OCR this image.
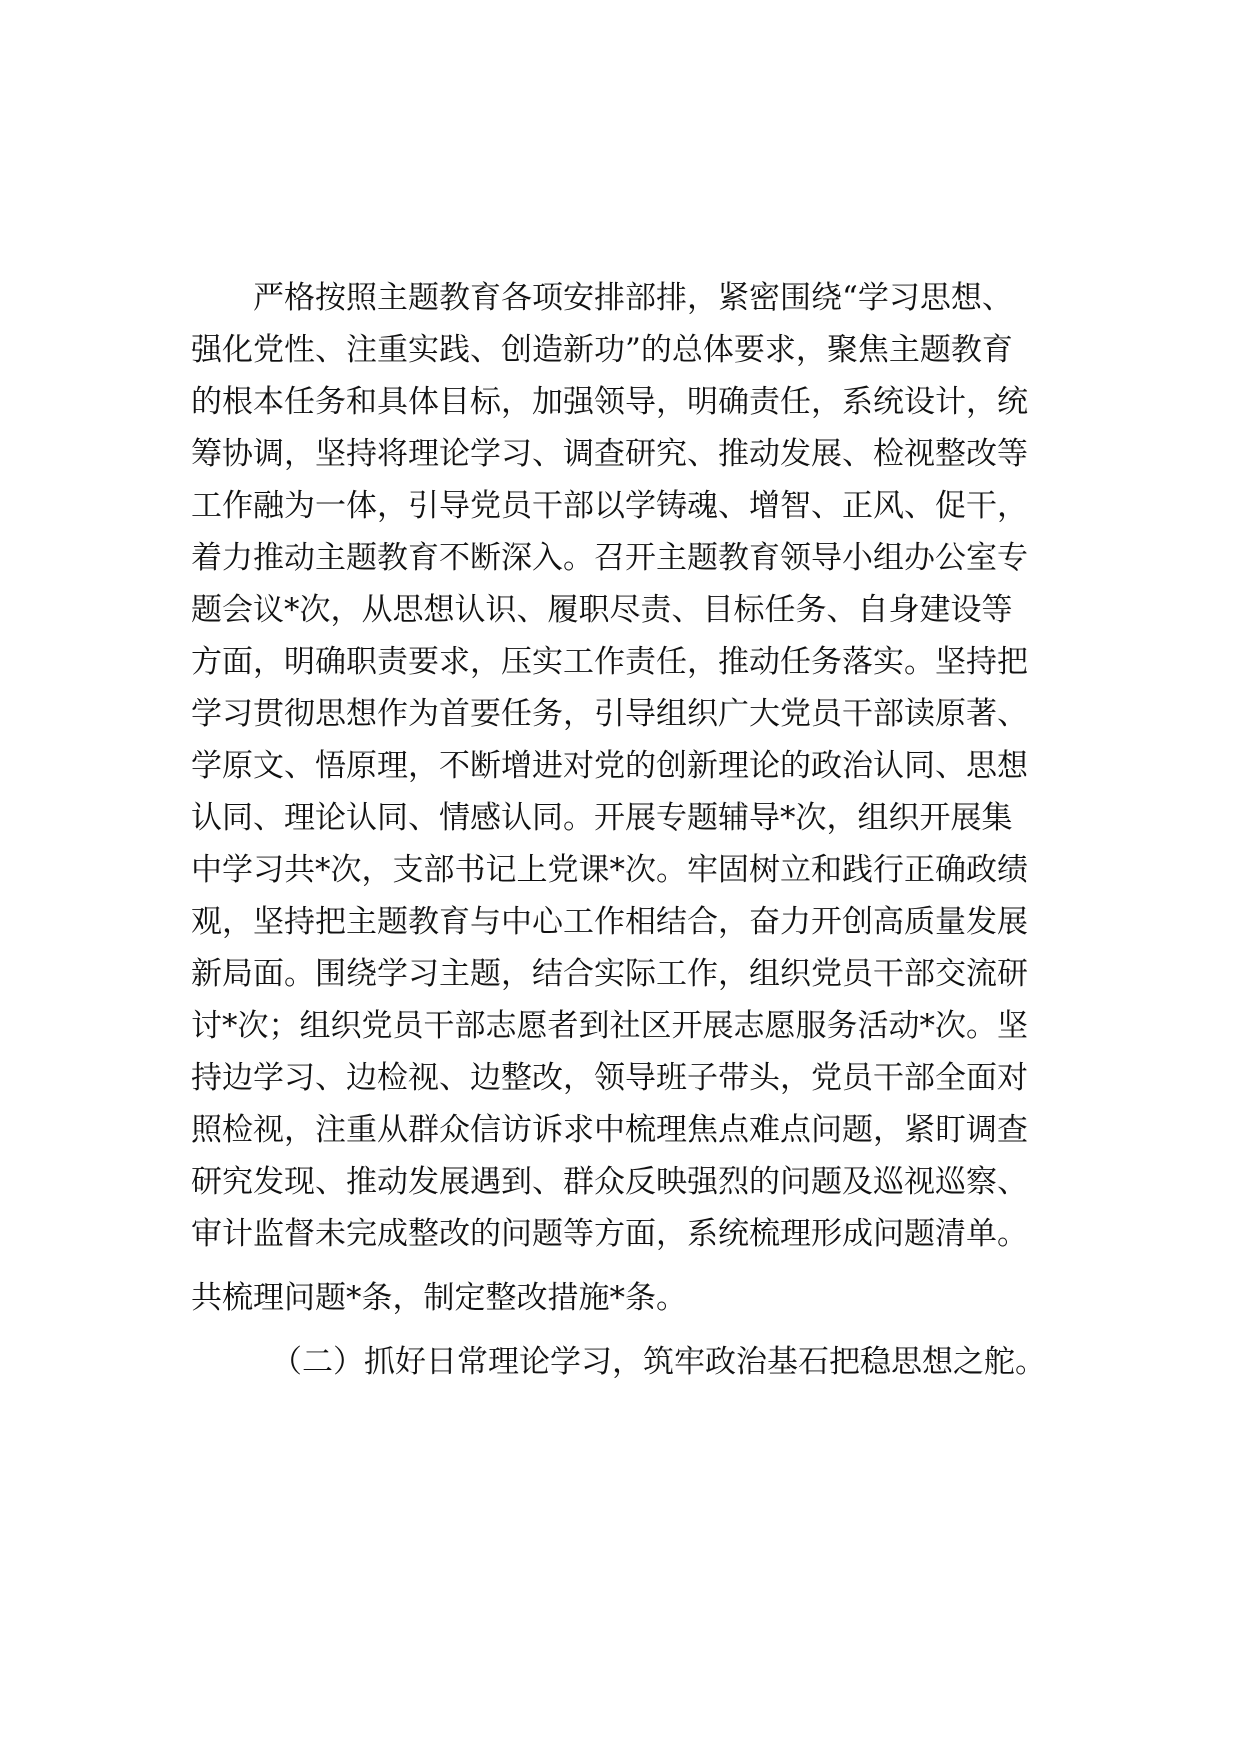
严格按照主题教育各项安排部排，紧密围绕“学习思想、
强化党性、注重实践、创造新功”的总体要求，聚焦主题教育
的根本任务和具体目标，加强领导，明确责任，系统设计，统
筹协调，坚持将理论学习、调查研究、推动发展、检视整改等
工作融为一体，引导党员干部以学铸魂、增智、正风、促干，
着力推动主题教育不断深入。召开主题教育领导小组办公室专
题会议*次，从思想认识、履职尽责、目标任务、自身建设等
方面，明确职责要求，压实工作责任，推动任务落实。坚持把
学习贯彻思想作为首要任务，引导组织广大党员干部读原著、
学原文、悟原理，不断增进对党的创新理论的政治认同、思想
认同、理论认同、情感认同。开展专题辅导*次，组织开展集
中学习共*次，支部书记上党课*次。牢固树立和践行正确政绩
观，坚持把主题教育与中心工作相结合，奋力开创高质量发展
新局面。围绕学习主题，结合实际工作，组织党员干部交流研
讨*次；组织党员干部志愿者到社区开展志愿服务活动*次。坚
持边学习、边检视、边整改，领导班子带头，党员干部全面对
照检视，注重从群众信访诉求中梳理焦点难点问题，紧盯调查
研究发现、推动发展遇到、群众反映强烈的问题及巡视巡察、
审计监督未完成整改的问题等方面，系统梳理形成问题清单。
共梳理问题*条，制定整改措施*条。
（二）抓好日常理论学习，筑牢政治基石把稳思想之舵。
